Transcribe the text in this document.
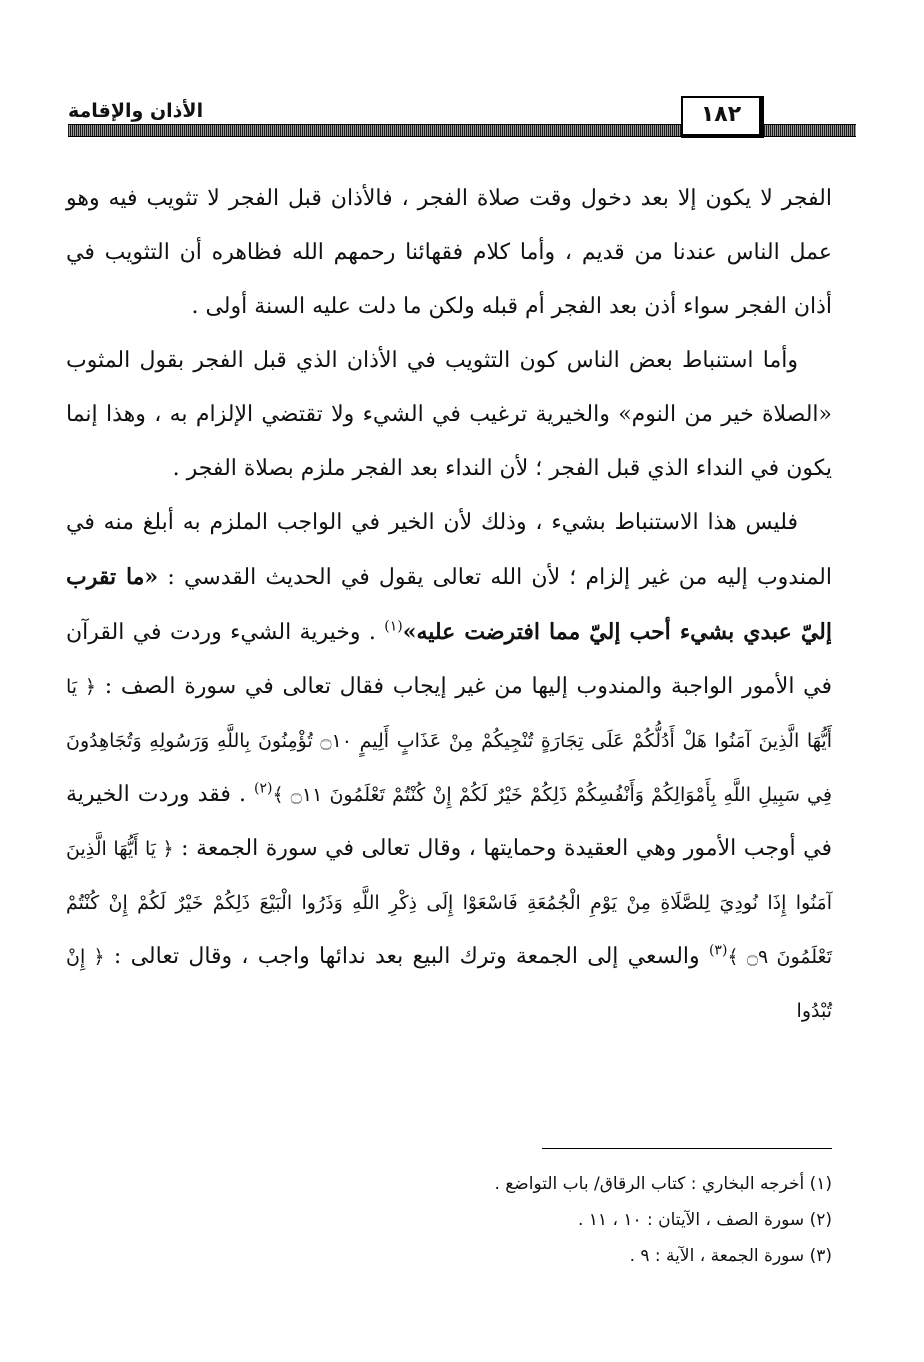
الأذان والإقامة	١٨٢

الفجر لا يكون إلا بعد دخول وقت صلاة الفجر ، فالأذان قبل الفجر لا تثويب فيه وهو عمل الناس عندنا من قديم ، وأما كلام فقهائنا رحمهم الله فظاهره أن التثويب في أذان الفجر سواء أذن بعد الفجر أم قبله ولكن ما دلت عليه السنة أولى .

وأما استنباط بعض الناس كون التثويب في الأذان الذي قبل الفجر بقول المثوب «الصلاة خير من النوم» والخيرية ترغيب في الشيء ولا تقتضي الإلزام به ، وهذا إنما يكون في النداء الذي قبل الفجر ؛ لأن النداء بعد الفجر ملزم بصلاة الفجر .

فليس هذا الاستنباط بشيء ، وذلك لأن الخير في الواجب الملزم به أبلغ منه في المندوب إليه من غير إلزام ؛ لأن الله تعالى يقول في الحديث القدسي : «ما تقرب إليّ عبدي بشيء أحب إليّ مما افترضت عليه»$^{(١)}$ . وخيرية الشيء وردت في القرآن في الأمور الواجبة والمندوب إليها من غير إيجاب فقال تعالى في سورة الصف : ﴿ يَا أَيُّهَا الَّذِينَ آمَنُوا هَلْ أَدُلُّكُمْ عَلَى تِجَارَةٍ تُنْجِيكُمْ مِنْ عَذَابٍ أَلِيمٍ ۝١٠ تُؤْمِنُونَ بِاللَّهِ وَرَسُولِهِ وَتُجَاهِدُونَ فِي سَبِيلِ اللَّهِ بِأَمْوَالِكُمْ وَأَنْفُسِكُمْ ذَلِكُمْ خَيْرٌ لَكُمْ إِنْ كُنْتُمْ تَعْلَمُونَ ۝١١ ﴾$^{(٢)}$ . فقد وردت الخيرية في أوجب الأمور وهي العقيدة وحمايتها ، وقال تعالى في سورة الجمعة : ﴿ يَا أَيُّهَا الَّذِينَ آمَنُوا إِذَا نُودِيَ لِلصَّلَاةِ مِنْ يَوْمِ الْجُمُعَةِ فَاسْعَوْا إِلَى ذِكْرِ اللَّهِ وَذَرُوا الْبَيْعَ ذَلِكُمْ خَيْرٌ لَكُمْ إِنْ كُنْتُمْ تَعْلَمُونَ ۝٩ ﴾$^{(٣)}$ والسعي إلى الجمعة وترك البيع بعد ندائها واجب ، وقال تعالى : ﴿ إِنْ تُبْدُوا

(١) أخرجه البخاري : كتاب الرقاق/ باب التواضع .
(٢) سورة الصف ، الآيتان : ١٠ ، ١١ .
(٣) سورة الجمعة ، الآية : ٩ .
